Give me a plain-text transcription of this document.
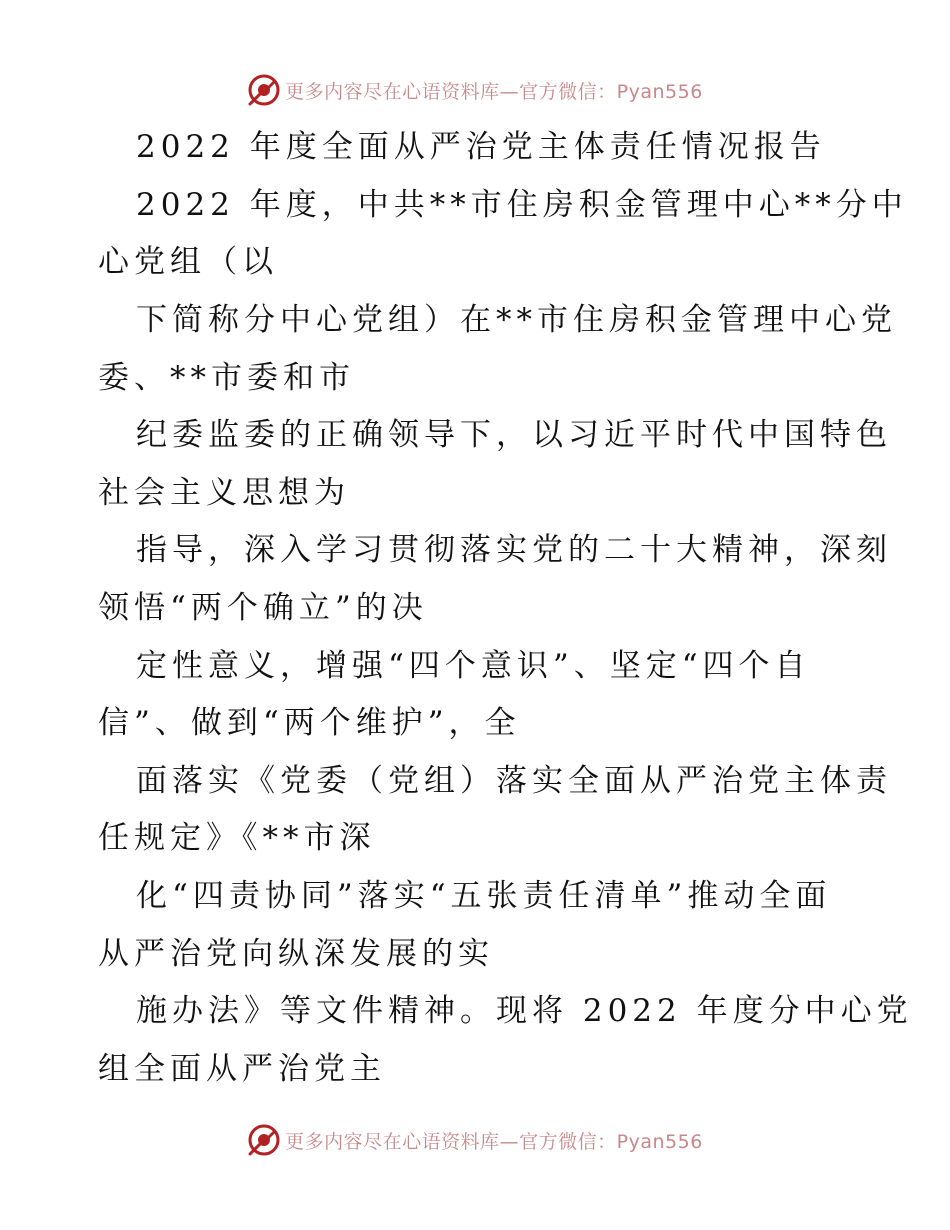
更多内容尽在心语资料库—官方微信：Pyan556
2022 年度全面从严治党主体责任情况报告
2022 年度，中共**市住房积金管理中心**分中
心党组（以
下简称分中心党组）在**市住房积金管理中心党
委、**市委和市
纪委监委的正确领导下，以习近平时代中国特色
社会主义思想为
指导，深入学习贯彻落实党的二十大精神，深刻
领悟“两个确立”的决
定性意义，增强“四个意识”、坚定“四个自
信”、做到“两个维护”，全
面落实《党委（党组）落实全面从严治党主体责
任规定》《**市深
化“四责协同”落实“五张责任清单”推动全面
从严治党向纵深发展的实
施办法》等文件精神。现将 2022 年度分中心党
组全面从严治党主
更多内容尽在心语资料库—官方微信：Pyan556
